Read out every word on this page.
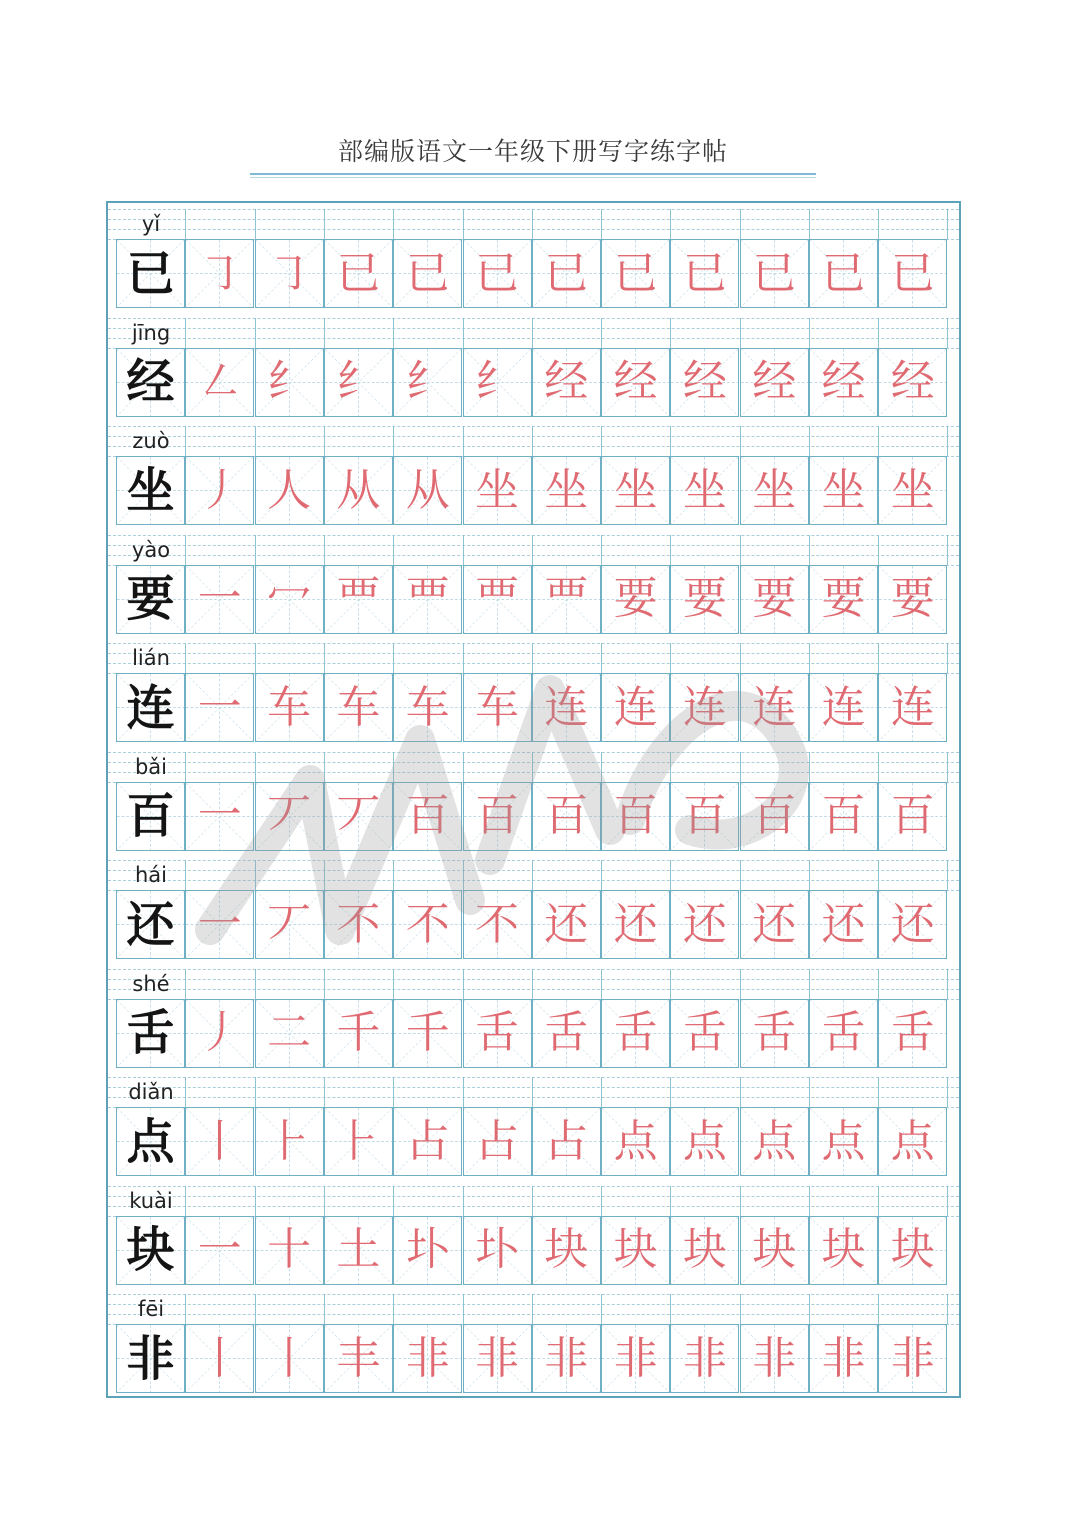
部编版语文一年级下册写字练字帖
yǐ
已 ㇆ ㇆ 已 已 已 已 已 已 已 已 已
jīng
经 ㇜ 纟 纟 纟 纟 经 经 经 经 经 经
zuò
坐 丿 人 从 从 坐 坐 坐 坐 坐 坐 坐
yào
要 一 冖 覀 覀 覀 覀 要 要 要 要 要
lián
连 一 车 车 车 车 连 连 连 连 连 连
bǎi
百 一 丆 丆 百 百 百 百 百 百 百 百
hái
还 一 丆 不 不 不 还 还 还 还 还 还
shé
舌 丿 二 千 千 舌 舌 舌 舌 舌 舌 舌
diǎn
点 丨 ⺊ ⺊ 占 占 占 点 点 点 点 点
kuài
块 一 十 土 圤 圤 块 块 块 块 块 块
fēi
非 丨 丨 丰 非 非 非 非 非 非 非 非
